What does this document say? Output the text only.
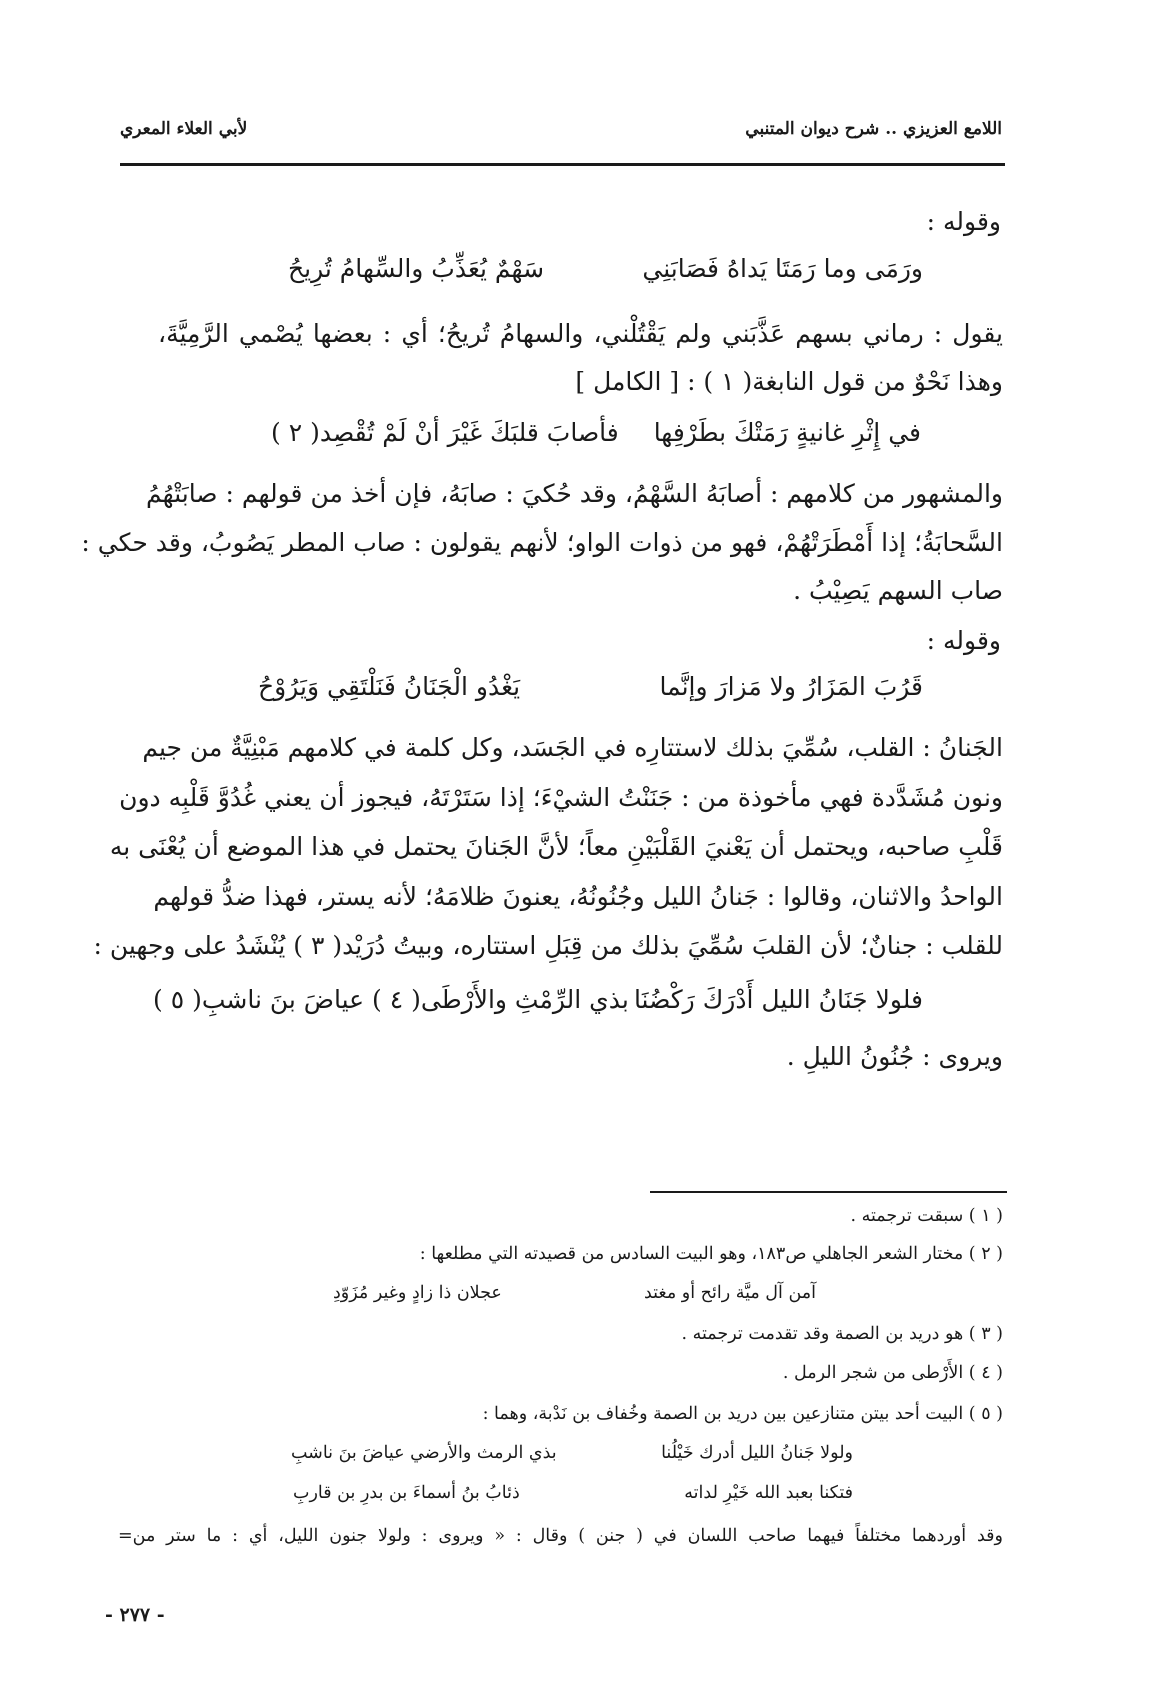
اللامع العزيزي .. شرح ديوان المتنبي
لأبي العلاء المعري
وقوله :
ورَمَى وما رَمَتَا يَداهُ فَصَابَنِي
سَهْمٌ يُعَذِّبُ والسِّهامُ تُرِيحُ
يقول : رماني بسهم عَذَّبَني ولم يَقْتُلْني، والسهامُ تُريحُ؛ أي : بعضها يُصْمي الرَّمِيَّةَ،
وهذا نَحْوٌ من قول النابغة( ١ ) : [ الكامل ]
في إِثْرِ غانيةٍ رَمَتْكَ بطَرْفِها
فأصابَ قلبَكَ غَيْرَ أنْ لَمْ تُقْصِد( ٢ )
والمشهور من كلامهم : أصابَهُ السَّهْمُ، وقد حُكيَ : صابَهُ، فإن أخذ من قولهم : صابَتْهُمُ
السَّحابَةُ؛ إذا أَمْطَرَتْهُمْ، فهو من ذوات الواو؛ لأنهم يقولون : صاب المطر يَصُوبُ، وقد حكي :
صاب السهم يَصِيْبُ .
وقوله :
قَرُبَ المَزَارُ ولا مَزارَ وإنَّما
يَغْدُو الْجَنَانُ فَنَلْتَقِي وَيَرُوْحُ
الجَنانُ : القلب، سُمِّيَ بذلك لاستتارِه في الجَسَد، وكل كلمة في كلامهم مَبْنِيَّةٌ من جيم
ونون مُشَدَّدة فهي مأخوذة من : جَنَنْتُ الشيْءَ؛ إذا سَتَرْتَهُ، فيجوز أن يعني غُدُوَّ قَلْبِه دون
قَلْبِ صاحبه، ويحتمل أن يَعْنيَ القَلْبَيْنِ معاً؛ لأنَّ الجَنانَ يحتمل في هذا الموضع أن يُعْنَى به
الواحدُ والاثنان، وقالوا : جَنانُ الليل وجُنُونُهُ، يعنونَ ظلامَهُ؛ لأنه يستر، فهذا ضدُّ قولهم
للقلب : جنانٌ؛ لأن القلبَ سُمِّيَ بذلك من قِبَلِ استتاره، وبيتُ دُرَيْد( ٣ ) يُنْشَدُ على وجهين :
فلولا جَنَانُ الليل أَدْرَكَ رَكْضُنَا
بذي الرِّمْثِ والأَرْطَى( ٤ ) عياضَ بنَ ناشبِ( ٥ )
ويروى : جُنُونُ الليلِ .
( ١ ) سبقت ترجمته .
( ٢ ) مختار الشعر الجاهلي ص١٨٣، وهو البيت السادس من قصيدته التي مطلعها :
آمن آل ميَّة رائح أو مغتد
عجلان ذا زادٍ وغير مُزَوّدِ
( ٣ ) هو دريد بن الصمة وقد تقدمت ترجمته .
( ٤ ) الأَرْطى من شجر الرمل .
( ٥ ) البيت أحد بيتن متنازعين بين دريد بن الصمة وخُفاف بن نَدْبة، وهما :
ولولا جَنانُ الليل أدرك خَيْلُنا
بذي الرمث والأرضي عياضَ بنَ ناشبِ
فتكنا بعبد الله خَيْرِ لداته
ذئابُ بنُ أسماءَ بن بدرِ بن قاربِ
وقد أوردهما مختلفاً فيهما صاحب اللسان في ( جنن ) وقال : « ويروى : ولولا جنون الليل، أي : ما ستر من=
- ٢٧٧ -
